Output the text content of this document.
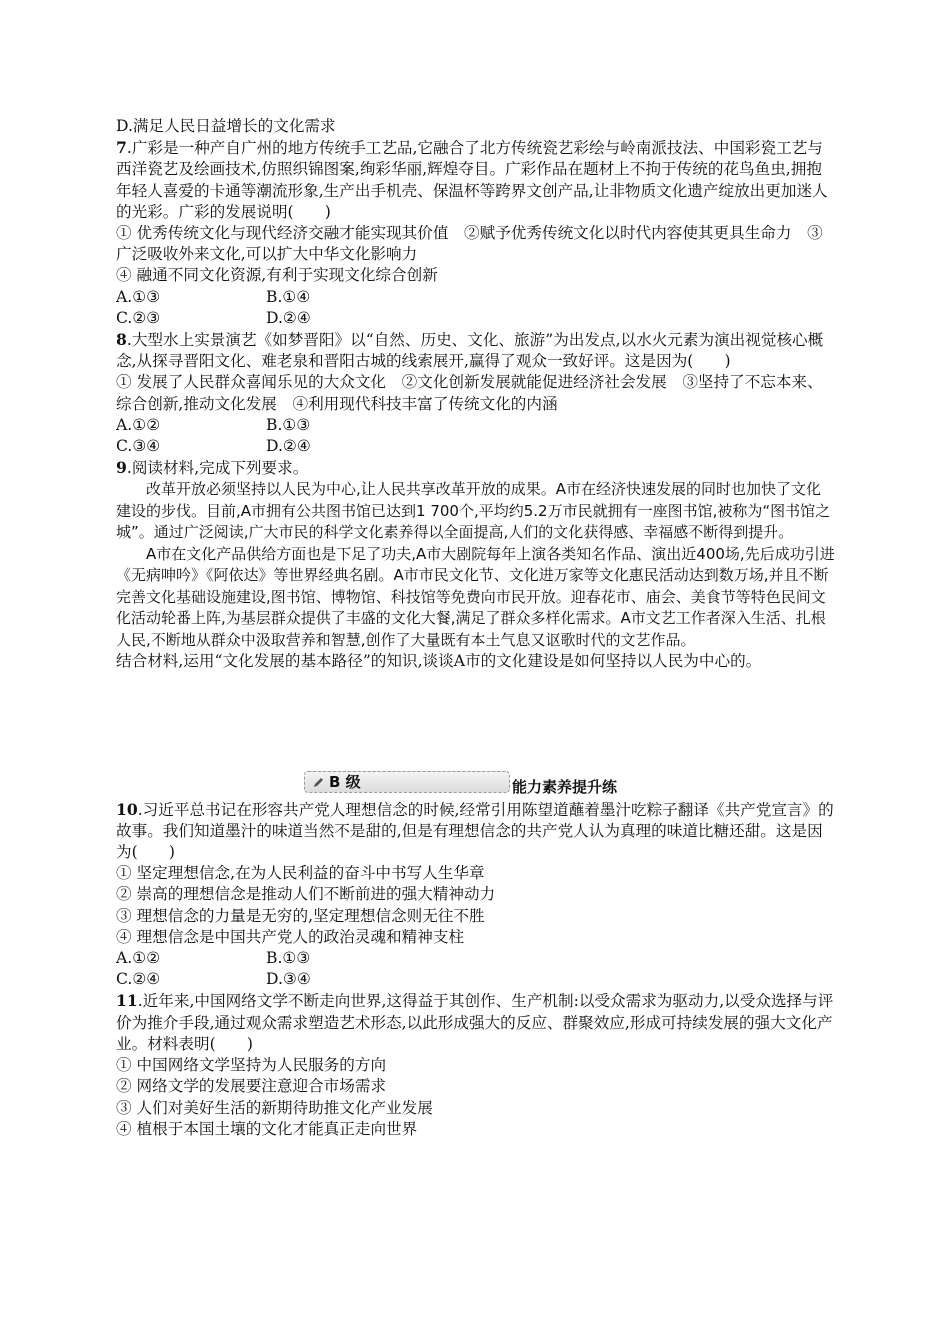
D.满足人民日益增长的文化需求
7.广彩是一种产自广州的地方传统手工艺品,它融合了北方传统瓷艺彩绘与岭南派技法、中国彩瓷工艺与西洋瓷艺及绘画技术,仿照织锦图案,绚彩华丽,辉煌夺目。广彩作品在题材上不拘于传统的花鸟鱼虫,拥抱年轻人喜爱的卡通等潮流形象,生产出手机壳、保温杯等跨界文创产品,让非物质文化遗产绽放出更加迷人的光彩。广彩的发展说明(　　)
① 优秀传统文化与现代经济交融才能实现其价值　②赋予优秀传统文化以时代内容使其更具生命力　③广泛吸收外来文化,可以扩大中华文化影响力
④ 融通不同文化资源,有利于实现文化综合创新
A.①③	B.①④
C.②③	D.②④
8.大型水上实景演艺《如梦晋阳》以“自然、历史、文化、旅游”为出发点,以水火元素为演出视觉核心概念,从探寻晋阳文化、难老泉和晋阳古城的线索展开,赢得了观众一致好评。这是因为(　　)
① 发展了人民群众喜闻乐见的大众文化　②文化创新发展就能促进经济社会发展　③坚持了不忘本来、综合创新,推动文化发展　④利用现代科技丰富了传统文化的内涵
A.①②	B.①③
C.③④	D.②④
9.阅读材料,完成下列要求。
改革开放必须坚持以人民为中心,让人民共享改革开放的成果。A市在经济快速发展的同时也加快了文化建设的步伐。目前,A市拥有公共图书馆已达到1 700个,平均约5.2万市民就拥有一座图书馆,被称为“图书馆之城”。通过广泛阅读,广大市民的科学文化素养得以全面提高,人们的文化获得感、幸福感不断得到提升。
A市在文化产品供给方面也是下足了功夫,A市大剧院每年上演各类知名作品、演出近400场,先后成功引进《无病呻吟》《阿依达》等世界经典名剧。A市市民文化节、文化进万家等文化惠民活动达到数万场,并且不断完善文化基础设施建设,图书馆、博物馆、科技馆等免费向市民开放。迎春花市、庙会、美食节等特色民间文化活动轮番上阵,为基层群众提供了丰盛的文化大餐,满足了群众多样化需求。A市文艺工作者深入生活、扎根人民,不断地从群众中汲取营养和智慧,创作了大量既有本土气息又讴歌时代的文艺作品。
结合材料,运用“文化发展的基本路径”的知识,谈谈A市的文化建设是如何坚持以人民为中心的。
B 级	能力素养提升练
10.习近平总书记在形容共产党人理想信念的时候,经常引用陈望道蘸着墨汁吃粽子翻译《共产党宣言》的故事。我们知道墨汁的味道当然不是甜的,但是有理想信念的共产党人认为真理的味道比糖还甜。这是因为(　　)
① 坚定理想信念,在为人民利益的奋斗中书写人生华章
② 崇高的理想信念是推动人们不断前进的强大精神动力
③ 理想信念的力量是无穷的,坚定理想信念则无往不胜
④ 理想信念是中国共产党人的政治灵魂和精神支柱
A.①②	B.①③
C.②④	D.③④
11.近年来,中国网络文学不断走向世界,这得益于其创作、生产机制:以受众需求为驱动力,以受众选择与评价为推介手段,通过观众需求塑造艺术形态,以此形成强大的反应、群聚效应,形成可持续发展的强大文化产业。材料表明(　　)
① 中国网络文学坚持为人民服务的方向
② 网络文学的发展要注意迎合市场需求
③ 人们对美好生活的新期待助推文化产业发展
④ 植根于本国土壤的文化才能真正走向世界
